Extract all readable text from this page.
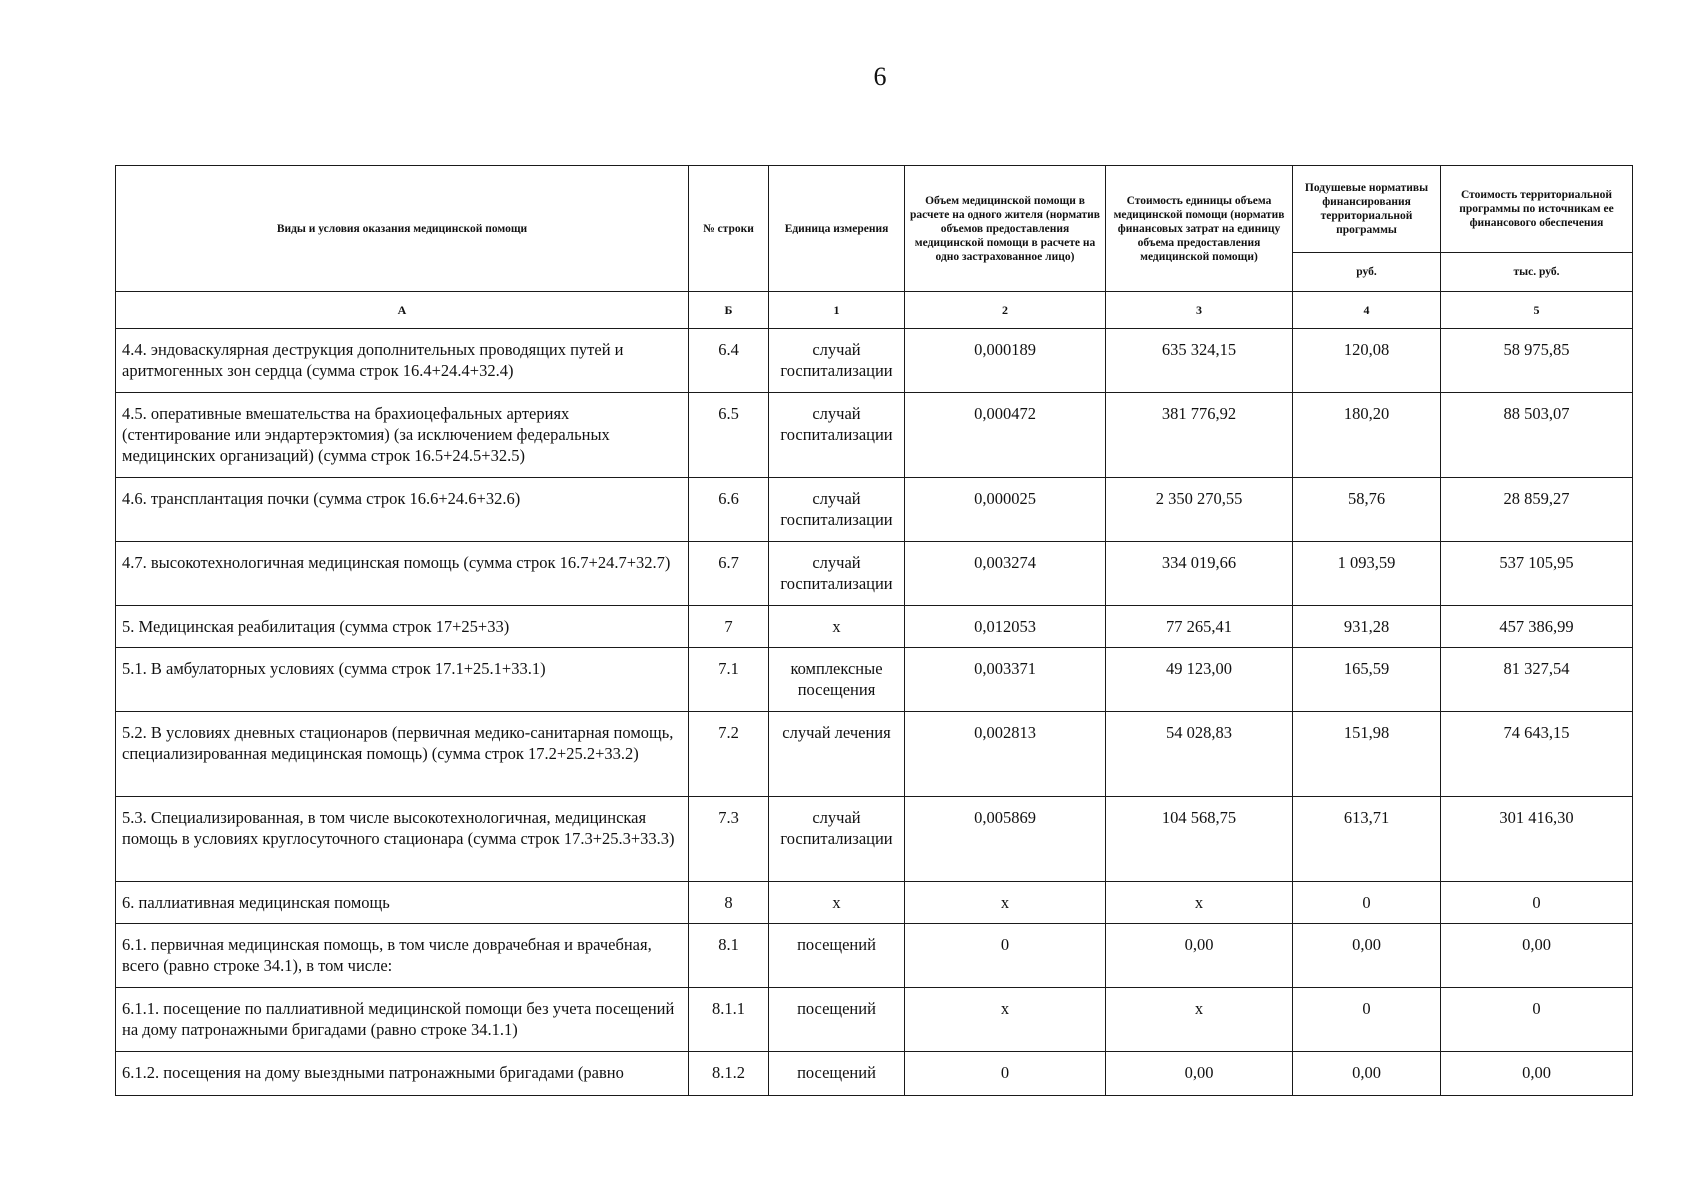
6
Виды и условия оказания медицинской помощи	№ строки	Единица измерения	Объем медицинской помощи в расчете на одного жителя (норматив объемов предоставления медицинской помощи в расчете на одно застрахованное лицо)	Стоимость единицы объема медицинской помощи (норматив финансовых затрат на единицу объема предоставления медицинской помощи)	Подушевые нормативы финансирования территориальной программы	Стоимость территориальной программы по источникам ее финансового обеспечения

					руб.	тыс. руб.

А	Б	1	2	3	4	5

4.4. эндоваскулярная деструкция дополнительных проводящих путей и аритмогенных зон сердца (сумма строк 16.4+24.4+32.4)	6.4	случай госпитализации	0,000189	635 324,15	120,08	58 975,85

4.5. оперативные вмешательства на брахиоцефальных артериях (стентирование или эндартерэктомия) (за исключением федеральных медицинских организаций) (сумма строк 16.5+24.5+32.5)	6.5	случай госпитализации	0,000472	381 776,92	180,20	88 503,07

4.6. трансплантация почки (сумма строк 16.6+24.6+32.6)	6.6	случай госпитализации	0,000025	2 350 270,55	58,76	28 859,27

4.7. высокотехнологичная медицинская помощь (сумма строк 16.7+24.7+32.7)	6.7	случай госпитализации	0,003274	334 019,66	1 093,59	537 105,95

5. Медицинская реабилитация (сумма строк 17+25+33)	7	х	0,012053	77 265,41	931,28	457 386,99

5.1. В амбулаторных условиях (сумма строк 17.1+25.1+33.1)	7.1	комплексные посещения	0,003371	49 123,00	165,59	81 327,54

5.2. В условиях дневных стационаров (первичная медико-санитарная помощь, специализированная медицинская помощь) (сумма строк 17.2+25.2+33.2)	7.2	случай лечения	0,002813	54 028,83	151,98	74 643,15

5.3. Специализированная, в том числе высокотехнологичная, медицинская помощь в условиях круглосуточного стационара (сумма строк 17.3+25.3+33.3)	7.3	случай госпитализации	0,005869	104 568,75	613,71	301 416,30

6. паллиативная медицинская помощь	8	х	х	х	0	0

6.1. первичная медицинская помощь, в том числе доврачебная и врачебная, всего (равно строке 34.1), в том числе:	8.1	посещений	0	0,00	0,00	0,00

6.1.1. посещение по паллиативной медицинской помощи без учета посещений на дому патронажными бригадами (равно строке 34.1.1)	8.1.1	посещений	х	х	0	0

6.1.2. посещения на дому выездными патронажными бригадами (равно	8.1.2	посещений	0	0,00	0,00	0,00
